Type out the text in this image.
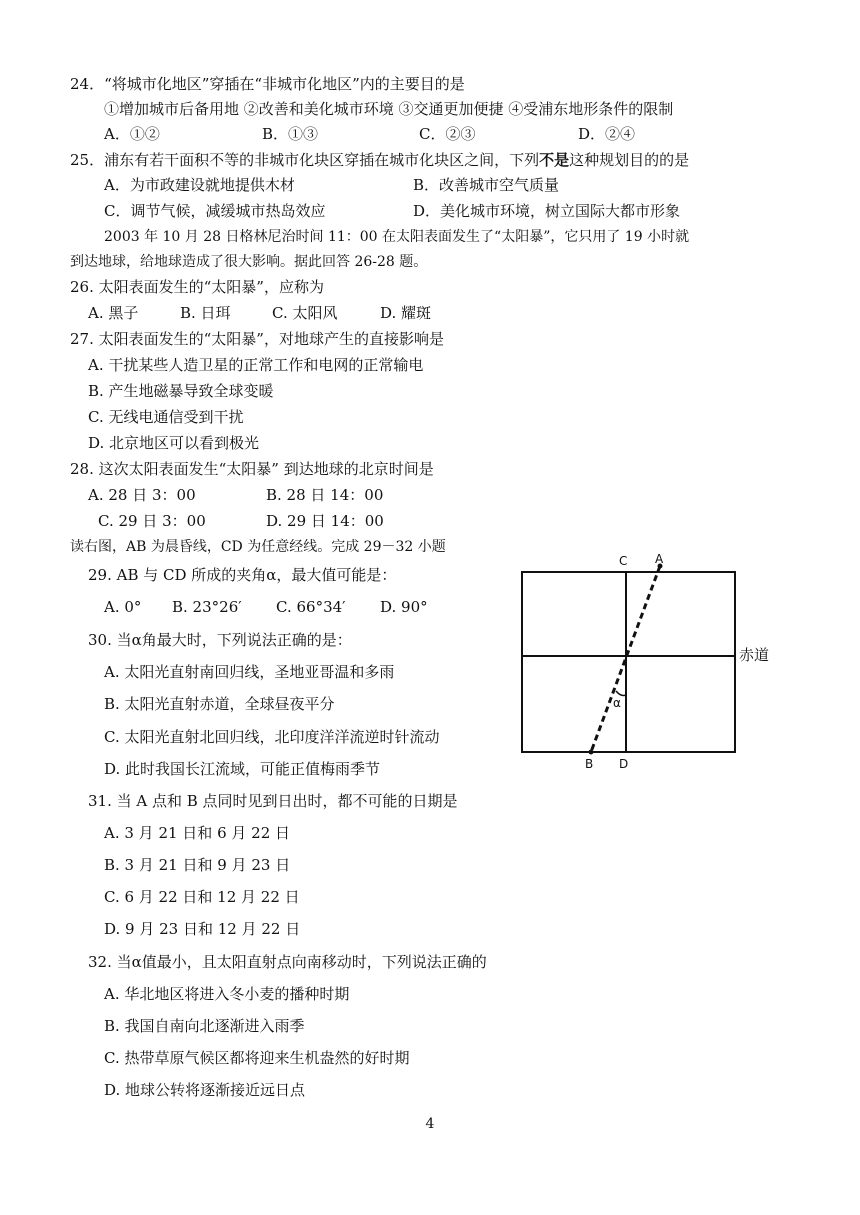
24．“将城市化地区”穿插在“非城市化地区”内的主要目的是
①增加城市后备用地 ②改善和美化城市环境 ③交通更加便捷 ④受浦东地形条件的限制
A．①②	B．①③	C．②③	D．②④
25．浦东有若干面积不等的非城市化块区穿插在城市化块区之间，下列不是这种规划目的的是
A．为市政建设就地提供木材	B．改善城市空气质量
C．调节气候，减缓城市热岛效应	D．美化城市环境，树立国际大都市形象
2003 年 10 月 28 日格林尼治时间 11：00 在太阳表面发生了“太阳暴”，它只用了 19 小时就
到达地球，给地球造成了很大影响。据此回答 26-28 题。
26. 太阳表面发生的“太阳暴”，应称为
A. 黑子	B. 日珥	C. 太阳风	D. 耀斑
27. 太阳表面发生的“太阳暴”，对地球产生的直接影响是
A. 干扰某些人造卫星的正常工作和电网的正常输电
B. 产生地磁暴导致全球变暖
C. 无线电通信受到干扰
D. 北京地区可以看到极光
28. 这次太阳表面发生“太阳暴” 到达地球的北京时间是
A. 28 日 3：00	B. 28 日 14：00
C. 29 日 3：00	D. 29 日 14：00
读右图，AB 为晨昏线，CD 为任意经线。完成 29－32 小题
29. AB 与 CD 所成的夹角α，最大值可能是：
A. 0° B. 23°26′ C. 66°34′ D. 90°
30. 当α角最大时，下列说法正确的是：
A. 太阳光直射南回归线，圣地亚哥温和多雨
B. 太阳光直射赤道，全球昼夜平分
C. 太阳光直射北回归线，北印度洋洋流逆时针流动
D. 此时我国长江流域，可能正值梅雨季节
31. 当 A 点和 B 点同时见到日出时，都不可能的日期是
A. 3 月 21 日和 6 月 22 日
B. 3 月 21 日和 9 月 23 日
C. 6 月 22 日和 12 月 22 日
D. 9 月 23 日和 12 月 22 日
32. 当α值最小，且太阳直射点向南移动时，下列说法正确的
A. 华北地区将进入冬小麦的播种时期
B. 我国自南向北逐渐进入雨季
C. 热带草原气候区都将迎来生机盎然的好时期
D. 地球公转将逐渐接近远日点
C A
α
B D
赤道
4
